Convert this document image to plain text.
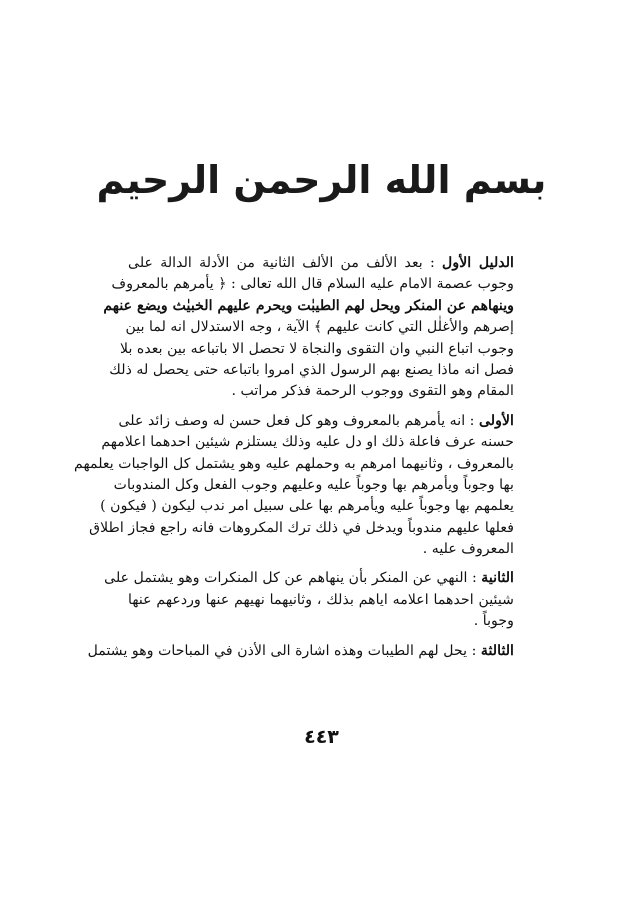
بسم الله الرحمن الرحيم
الدليل الأول : بعد الألف من الألف الثانية من الأدلة الدالة على
وجوب عصمة الامام عليه السلام قال الله تعالى : ﴿ يأمرهم بالمعروف
وينهاهم عن المنكر ويحل لهم الطيبٰت ويحرم عليهم الخبيٰث ويضع عنهم
إصرهم والأغلٰل التي كانت عليهم ﴾ الآية ، وجه الاستدلال انه لما بين
وجوب اتباع النبي وان التقوى والنجاة لا تحصل الا باتباعه بين بعده بلا
فصل انه ماذا يصنع بهم الرسول الذي امروا باتباعه حتى يحصل له ذلك
المقام وهو التقوى ووجوب الرحمة فذكر مراتب .
الأولى : انه يأمرهم بالمعروف وهو كل فعل حسن له وصف زائد على
حسنه عرف فاعلة ذلك او دل عليه وذلك يستلزم شيئين احدهما اعلامهم
بالمعروف ، وثانيهما امرهم به وحملهم عليه وهو يشتمل كل الواجبات يعلمهم
بها وجوباً ويأمرهم بها وجوباً عليه وعليهم وجوب الفعل وكل المندوبات
يعلمهم بها وجوباً عليه ويأمرهم بها على سبيل امر ندب ليكون ( فيكون )
فعلها عليهم مندوباً ويدخل في ذلك ترك المكروهات فانه راجع فجاز اطلاق
المعروف عليه .
الثانية : النهي عن المنكر بأن ينهاهم عن كل المنكرات وهو يشتمل على
شيئين احدهما اعلامه اياهم بذلك ، وثانيهما نهيهم عنها وردعهم عنها
وجوباً .
الثالثة : يحل لهم الطيبات وهذه اشارة الى الأذن في المباحات وهو يشتمل
٤٤٣
